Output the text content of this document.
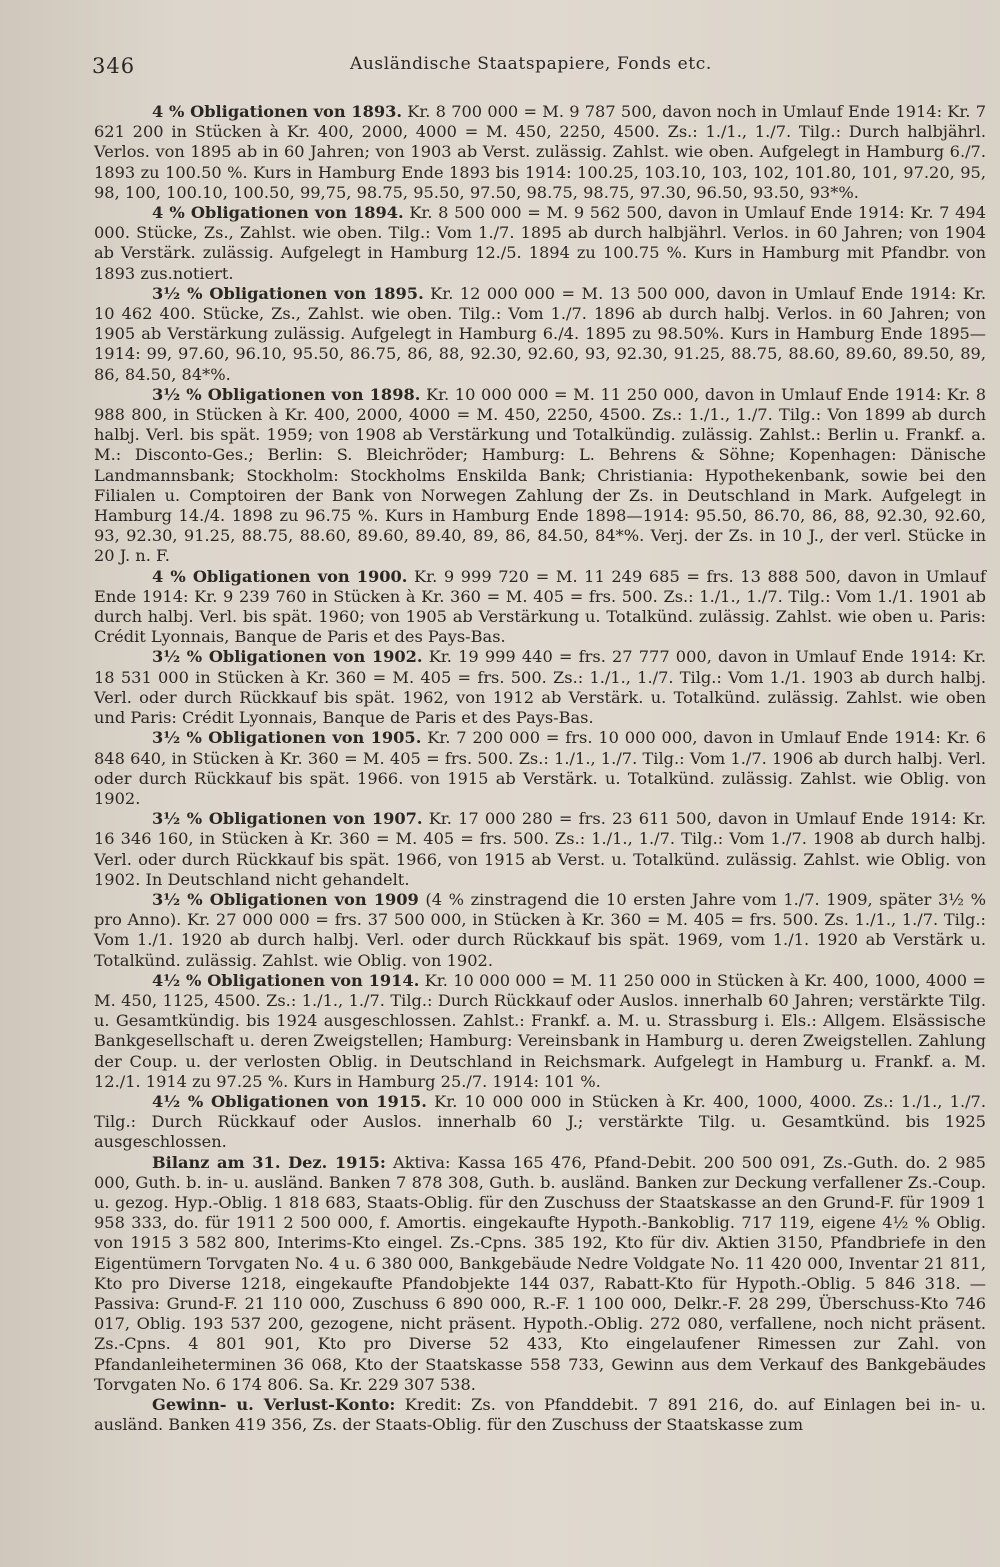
346	Ausländische Staatspapiere, Fonds etc.

4 % Obligationen von 1893. Kr. 8 700 000 = M. 9 787 500, davon noch in Umlauf Ende 1914: Kr. 7 621 200 in Stücken à Kr. 400, 2000, 4000 = M. 450, 2250, 4500. Zs.: 1./1., 1./7. Tilg.: Durch halbjährl. Verlos. von 1895 ab in 60 Jahren; von 1903 ab Verst. zulässig. Zahlst. wie oben. Aufgelegt in Hamburg 6./7. 1893 zu 100.50 %. Kurs in Hamburg Ende 1893 bis 1914: 100.25, 103.10, 103, 102, 101.80, 101, 97.20, 95, 98, 100, 100.10, 100.50, 99,75, 98.75, 95.50, 97.50, 98.75, 98.75, 97.30, 96.50, 93.50, 93*%.

4 % Obligationen von 1894. Kr. 8 500 000 = M. 9 562 500, davon in Umlauf Ende 1914: Kr. 7 494 000. Stücke, Zs., Zahlst. wie oben. Tilg.: Vom 1./7. 1895 ab durch halbjährl. Verlos. in 60 Jahren; von 1904 ab Verstärk. zulässig. Aufgelegt in Hamburg 12./5. 1894 zu 100.75 %. Kurs in Hamburg mit Pfandbr. von 1893 zus.notiert.

3½ % Obligationen von 1895. Kr. 12 000 000 = M. 13 500 000, davon in Umlauf Ende 1914: Kr. 10 462 400. Stücke, Zs., Zahlst. wie oben. Tilg.: Vom 1./7. 1896 ab durch halbj. Verlos. in 60 Jahren; von 1905 ab Verstärkung zulässig. Aufgelegt in Hamburg 6./4. 1895 zu 98.50%. Kurs in Hamburg Ende 1895—1914: 99, 97.60, 96.10, 95.50, 86.75, 86, 88, 92.30, 92.60, 93, 92.30, 91.25, 88.75, 88.60, 89.60, 89.50, 89, 86, 84.50, 84*%.

3½ % Obligationen von 1898. Kr. 10 000 000 = M. 11 250 000, davon in Umlauf Ende 1914: Kr. 8 988 800, in Stücken à Kr. 400, 2000, 4000 = M. 450, 2250, 4500. Zs.: 1./1., 1./7. Tilg.: Von 1899 ab durch halbj. Verl. bis spät. 1959; von 1908 ab Verstärkung und Totalkündig. zulässig. Zahlst.: Berlin u. Frankf. a. M.: Disconto-Ges.; Berlin: S. Bleichröder; Hamburg: L. Behrens & Söhne; Kopenhagen: Dänische Landmannsbank; Stockholm: Stockholms Enskilda Bank; Christiania: Hypothekenbank, sowie bei den Filialen u. Comptoiren der Bank von Norwegen Zahlung der Zs. in Deutschland in Mark. Aufgelegt in Hamburg 14./4. 1898 zu 96.75 %. Kurs in Hamburg Ende 1898—1914: 95.50, 86.70, 86, 88, 92.30, 92.60, 93, 92.30, 91.25, 88.75, 88.60, 89.60, 89.40, 89, 86, 84.50, 84*%. Verj. der Zs. in 10 J., der verl. Stücke in 20 J. n. F.

4 % Obligationen von 1900. Kr. 9 999 720 = M. 11 249 685 = frs. 13 888 500, davon in Umlauf Ende 1914: Kr. 9 239 760 in Stücken à Kr. 360 = M. 405 = frs. 500. Zs.: 1./1., 1./7. Tilg.: Vom 1./1. 1901 ab durch halbj. Verl. bis spät. 1960; von 1905 ab Verstärkung u. Totalkünd. zulässig. Zahlst. wie oben u. Paris: Crédit Lyonnais, Banque de Paris et des Pays-Bas.

3½ % Obligationen von 1902. Kr. 19 999 440 = frs. 27 777 000, davon in Umlauf Ende 1914: Kr. 18 531 000 in Stücken à Kr. 360 = M. 405 = frs. 500. Zs.: 1./1., 1./7. Tilg.: Vom 1./1. 1903 ab durch halbj. Verl. oder durch Rückkauf bis spät. 1962, von 1912 ab Verstärk. u. Totalkünd. zulässig. Zahlst. wie oben und Paris: Crédit Lyonnais, Banque de Paris et des Pays-Bas.

3½ % Obligationen von 1905. Kr. 7 200 000 = frs. 10 000 000, davon in Umlauf Ende 1914: Kr. 6 848 640, in Stücken à Kr. 360 = M. 405 = frs. 500. Zs.: 1./1., 1./7. Tilg.: Vom 1./7. 1906 ab durch halbj. Verl. oder durch Rückkauf bis spät. 1966. von 1915 ab Verstärk. u. Totalkünd. zulässig. Zahlst. wie Oblig. von 1902.

3½ % Obligationen von 1907. Kr. 17 000 280 = frs. 23 611 500, davon in Umlauf Ende 1914: Kr. 16 346 160, in Stücken à Kr. 360 = M. 405 = frs. 500. Zs.: 1./1., 1./7. Tilg.: Vom 1./7. 1908 ab durch halbj. Verl. oder durch Rückkauf bis spät. 1966, von 1915 ab Verst. u. Totalkünd. zulässig. Zahlst. wie Oblig. von 1902. In Deutschland nicht gehandelt.

3½ % Obligationen von 1909 (4 % zinstragend die 10 ersten Jahre vom 1./7. 1909, später 3½ % pro Anno). Kr. 27 000 000 = frs. 37 500 000, in Stücken à Kr. 360 = M. 405 = frs. 500. Zs. 1./1., 1./7. Tilg.: Vom 1./1. 1920 ab durch halbj. Verl. oder durch Rückkauf bis spät. 1969, vom 1./1. 1920 ab Verstärk u. Totalkünd. zulässig. Zahlst. wie Oblig. von 1902.

4½ % Obligationen von 1914. Kr. 10 000 000 = M. 11 250 000 in Stücken à Kr. 400, 1000, 4000 = M. 450, 1125, 4500. Zs.: 1./1., 1./7. Tilg.: Durch Rückkauf oder Auslos. innerhalb 60 Jahren; verstärkte Tilg. u. Gesamtkündig. bis 1924 ausgeschlossen. Zahlst.: Frankf. a. M. u. Strassburg i. Els.: Allgem. Elsässische Bankgesellschaft u. deren Zweigstellen; Hamburg: Vereinsbank in Hamburg u. deren Zweigstellen. Zahlung der Coup. u. der verlosten Oblig. in Deutschland in Reichsmark. Aufgelegt in Hamburg u. Frankf. a. M. 12./1. 1914 zu 97.25 %. Kurs in Hamburg 25./7. 1914: 101 %.

4½ % Obligationen von 1915. Kr. 10 000 000 in Stücken à Kr. 400, 1000, 4000. Zs.: 1./1., 1./7. Tilg.: Durch Rückkauf oder Auslos. innerhalb 60 J.; verstärkte Tilg. u. Gesamtkünd. bis 1925 ausgeschlossen.

Bilanz am 31. Dez. 1915: Aktiva: Kassa 165 476, Pfand-Debit. 200 500 091, Zs.-Guth. do. 2 985 000, Guth. b. in- u. ausländ. Banken 7 878 308, Guth. b. ausländ. Banken zur Deckung verfallener Zs.-Coup. u. gezog. Hyp.-Oblig. 1 818 683, Staats-Oblig. für den Zuschuss der Staatskasse an den Grund-F. für 1909 1 958 333, do. für 1911 2 500 000, f. Amortis. eingekaufte Hypoth.-Bankoblig. 717 119, eigene 4½ % Oblig. von 1915 3 582 800, Interims-Kto eingel. Zs.-Cpns. 385 192, Kto für div. Aktien 3150, Pfandbriefe in den Eigentümern Torvgaten No. 4 u. 6 380 000, Bankgebäude Nedre Voldgate No. 11 420 000, Inventar 21 811, Kto pro Diverse 1218, eingekaufte Pfandobjekte 144 037, Rabatt-Kto für Hypoth.-Oblig. 5 846 318. — Passiva: Grund-F. 21 110 000, Zuschuss 6 890 000, R.-F. 1 100 000, Delkr.-F. 28 299, Überschuss-Kto 746 017, Oblig. 193 537 200, gezogene, nicht präsent. Hypoth.-Oblig. 272 080, verfallene, noch nicht präsent. Zs.-Cpns. 4 801 901, Kto pro Diverse 52 433, Kto eingelaufener Rimessen zur Zahl. von Pfandanleiheterminen 36 068, Kto der Staatskasse 558 733, Gewinn aus dem Verkauf des Bankgebäudes Torvgaten No. 6 174 806. Sa. Kr. 229 307 538.

Gewinn- u. Verlust-Konto: Kredit: Zs. von Pfanddebit. 7 891 216, do. auf Einlagen bei in- u. ausländ. Banken 419 356, Zs. der Staats-Oblig. für den Zuschuss der Staatskasse zum
